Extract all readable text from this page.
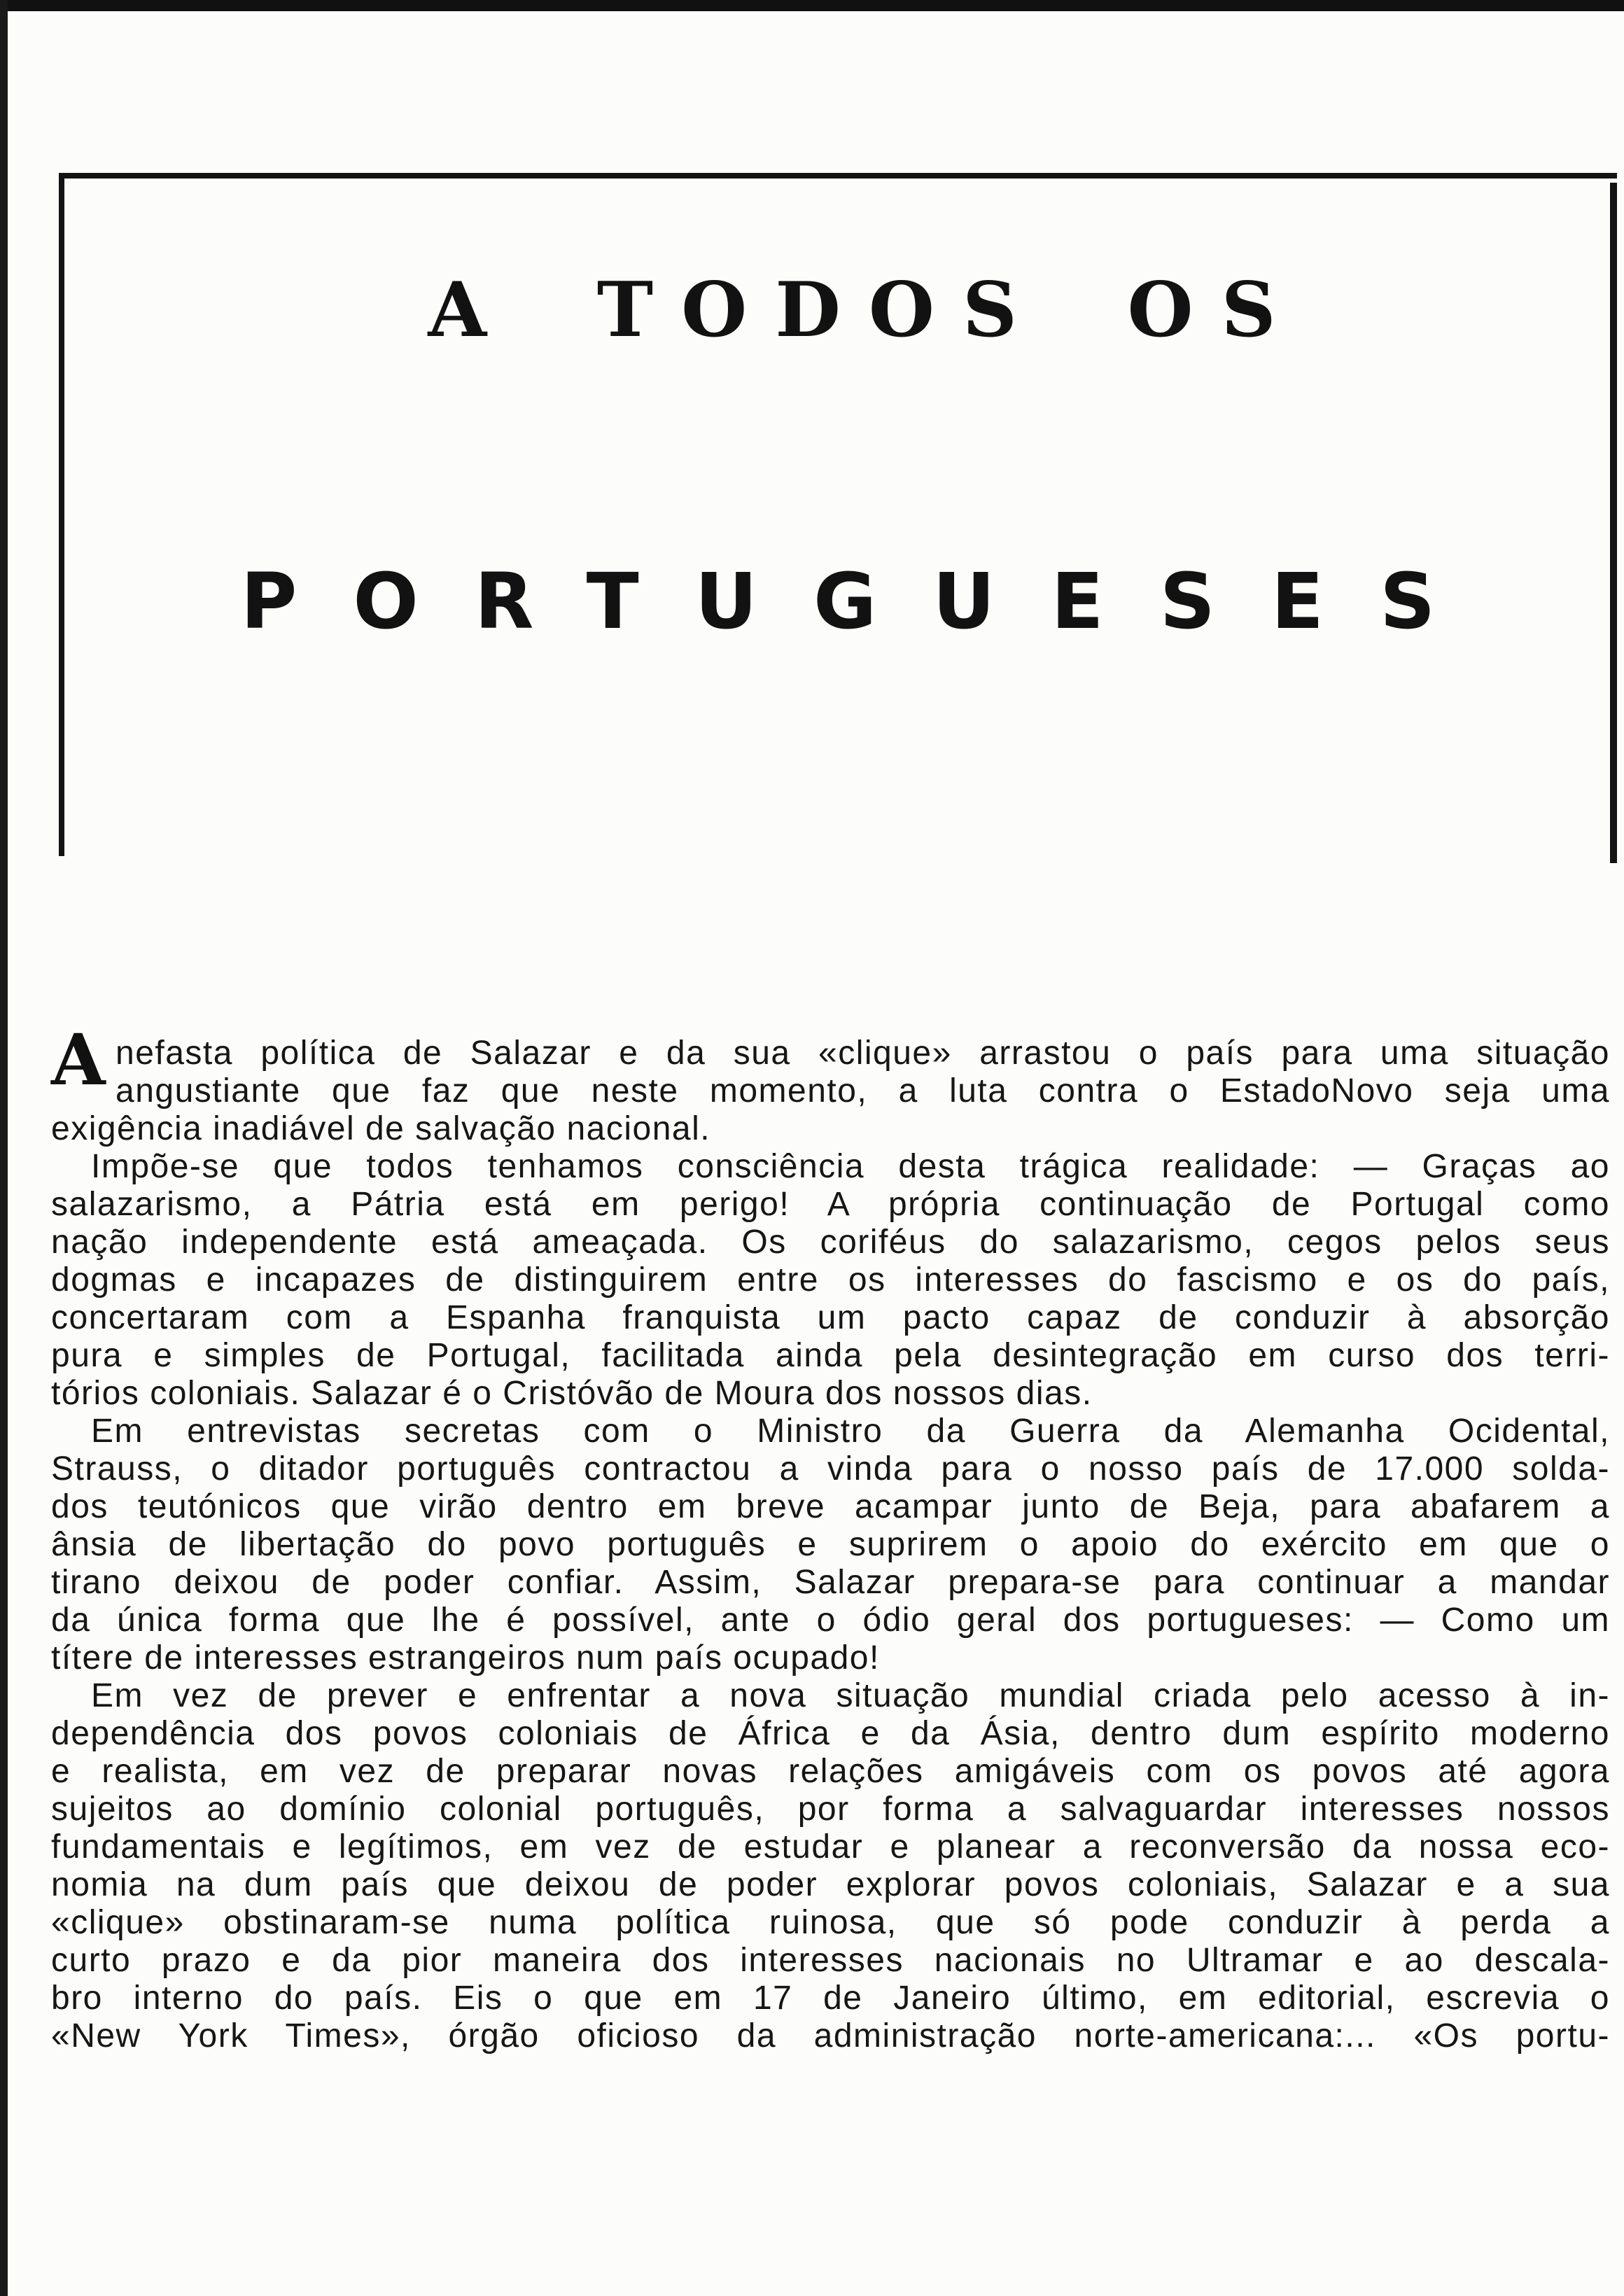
A TODOS OS
PORTUGUESES
A nefasta política de Salazar e da sua «clique» arrastou o país para uma situação
angustiante que faz que neste momento, a luta contra o EstadoNovo seja uma
exigência inadiável de salvação nacional.
Impõe-se que todos tenhamos consciência desta trágica realidade: — Graças ao
salazarismo, a Pátria está em perigo! A própria continuação de Portugal como
nação independente está ameaçada. Os coriféus do salazarismo, cegos pelos seus
dogmas e incapazes de distinguirem entre os interesses do fascismo e os do país,
concertaram com a Espanha franquista um pacto capaz de conduzir à absorção
pura e simples de Portugal, facilitada ainda pela desintegração em curso dos terri-
tórios coloniais. Salazar é o Cristóvão de Moura dos nossos dias.
Em entrevistas secretas com o Ministro da Guerra da Alemanha Ocidental,
Strauss, o ditador português contractou a vinda para o nosso país de 17.000 solda-
dos teutónicos que virão dentro em breve acampar junto de Beja, para abafarem a
ânsia de libertação do povo português e suprirem o apoio do exército em que o
tirano deixou de poder confiar. Assim, Salazar prepara-se para continuar a mandar
da única forma que lhe é possível, ante o ódio geral dos portugueses: — Como um
títere de interesses estrangeiros num país ocupado!
Em vez de prever e enfrentar a nova situação mundial criada pelo acesso à in-
dependência dos povos coloniais de África e da Ásia, dentro dum espírito moderno
e realista, em vez de preparar novas relações amigáveis com os povos até agora
sujeitos ao domínio colonial português, por forma a salvaguardar interesses nossos
fundamentais e legítimos, em vez de estudar e planear a reconversão da nossa eco-
nomia na dum país que deixou de poder explorar povos coloniais, Salazar e a sua
«clique» obstinaram-se numa política ruinosa, que só pode conduzir à perda a
curto prazo e da pior maneira dos interesses nacionais no Ultramar e ao descala-
bro interno do país. Eis o que em 17 de Janeiro último, em editorial, escrevia o
«New York Times», órgão oficioso da administração norte-americana:... «Os portu-
